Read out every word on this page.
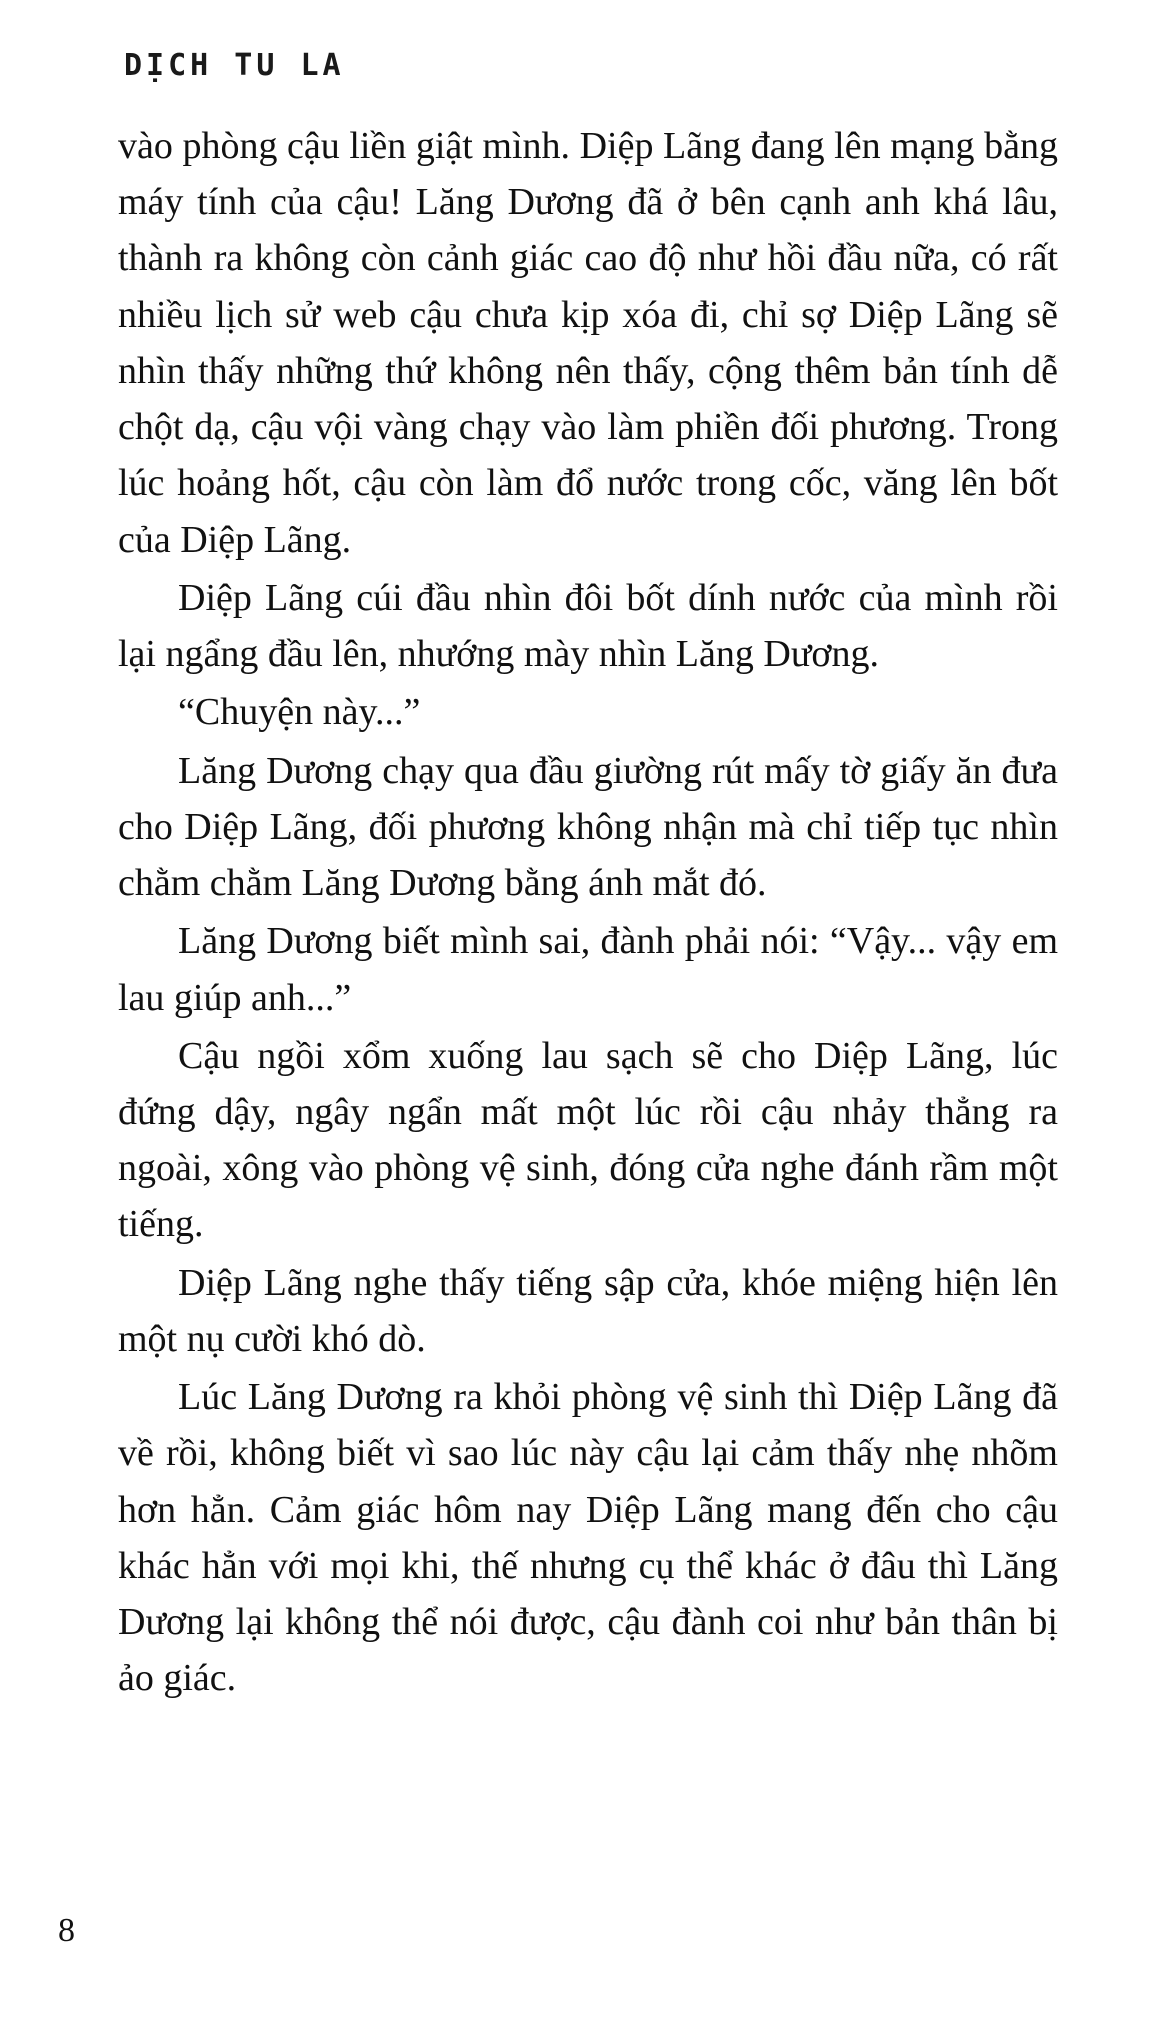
DỊCH TU LA

vào phòng cậu liền giật mình. Diệp Lãng đang lên mạng bằng máy tính của cậu! Lăng Dương đã ở bên cạnh anh khá lâu, thành ra không còn cảnh giác cao độ như hồi đầu nữa, có rất nhiều lịch sử web cậu chưa kịp xóa đi, chỉ sợ Diệp Lãng sẽ nhìn thấy những thứ không nên thấy, cộng thêm bản tính dễ chột dạ, cậu vội vàng chạy vào làm phiền đối phương. Trong lúc hoảng hốt, cậu còn làm đổ nước trong cốc, văng lên bốt của Diệp Lãng.

Diệp Lãng cúi đầu nhìn đôi bốt dính nước của mình rồi lại ngẩng đầu lên, nhướng mày nhìn Lăng Dương.

“Chuyện này...”

Lăng Dương chạy qua đầu giường rút mấy tờ giấy ăn đưa cho Diệp Lãng, đối phương không nhận mà chỉ tiếp tục nhìn chằm chằm Lăng Dương bằng ánh mắt đó.

Lăng Dương biết mình sai, đành phải nói: “Vậy... vậy em lau giúp anh...”

Cậu ngồi xổm xuống lau sạch sẽ cho Diệp Lãng, lúc đứng dậy, ngây ngẩn mất một lúc rồi cậu nhảy thẳng ra ngoài, xông vào phòng vệ sinh, đóng cửa nghe đánh rầm một tiếng.

Diệp Lãng nghe thấy tiếng sập cửa, khóe miệng hiện lên một nụ cười khó dò.

Lúc Lăng Dương ra khỏi phòng vệ sinh thì Diệp Lãng đã về rồi, không biết vì sao lúc này cậu lại cảm thấy nhẹ nhõm hơn hẳn. Cảm giác hôm nay Diệp Lãng mang đến cho cậu khác hẳn với mọi khi, thế nhưng cụ thể khác ở đâu thì Lăng Dương lại không thể nói được, cậu đành coi như bản thân bị ảo giác.

8
